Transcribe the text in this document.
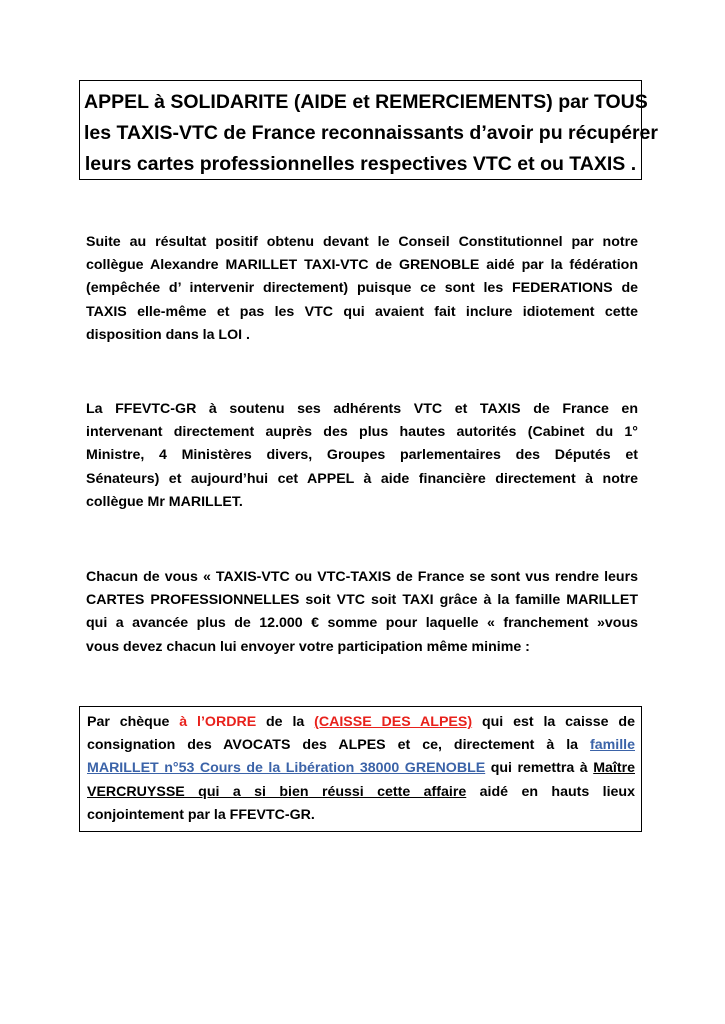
APPEL à SOLIDARITE (AIDE et REMERCIEMENTS) par TOUS
les TAXIS-VTC de France reconnaissants d’avoir pu récupérer
leurs cartes professionnelles respectives VTC et ou TAXIS .
Suite au résultat positif obtenu devant le Conseil Constitutionnel par notre
collègue Alexandre MARILLET TAXI-VTC de GRENOBLE aidé par la fédération
(empêchée d’ intervenir directement) puisque ce sont les FEDERATIONS de
TAXIS elle-même et pas les VTC qui avaient fait inclure idiotement cette
disposition dans la LOI .
La FFEVTC-GR à soutenu ses adhérents VTC et TAXIS de France en
intervenant directement auprès des plus hautes autorités (Cabinet du 1°
Ministre, 4 Ministères divers, Groupes parlementaires des Députés et
Sénateurs) et aujourd’hui cet APPEL à aide financière directement à notre
collègue Mr MARILLET.
Chacun de vous « TAXIS-VTC ou VTC-TAXIS de France se sont vus rendre leurs
CARTES PROFESSIONNELLES soit VTC soit TAXI grâce à la famille MARILLET
qui a avancée plus de 12.000 € somme pour laquelle « franchement »vous
vous devez chacun lui envoyer votre participation même minime :
Par chèque à l’ORDRE de la (CAISSE DES ALPES) qui est la caisse de
consignation des AVOCATS des ALPES et ce, directement à la famille
MARILLET n°53 Cours de la Libération 38000 GRENOBLE qui remettra à Maître
VERCRUYSSE qui a si bien réussi cette affaire aidé en hauts lieux
conjointement par la FFEVTC-GR.
